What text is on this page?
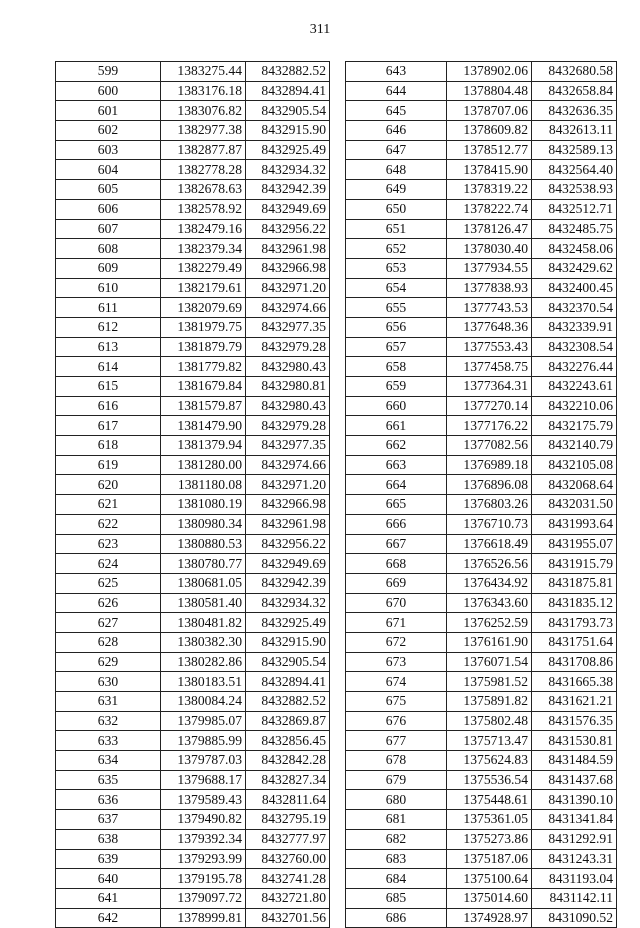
311
599	1383275.44	8432882.52
600	1383176.18	8432894.41
601	1383076.82	8432905.54
602	1382977.38	8432915.90
603	1382877.87	8432925.49
604	1382778.28	8432934.32
605	1382678.63	8432942.39
606	1382578.92	8432949.69
607	1382479.16	8432956.22
608	1382379.34	8432961.98
609	1382279.49	8432966.98
610	1382179.61	8432971.20
611	1382079.69	8432974.66
612	1381979.75	8432977.35
613	1381879.79	8432979.28
614	1381779.82	8432980.43
615	1381679.84	8432980.81
616	1381579.87	8432980.43
617	1381479.90	8432979.28
618	1381379.94	8432977.35
619	1381280.00	8432974.66
620	1381180.08	8432971.20
621	1381080.19	8432966.98
622	1380980.34	8432961.98
623	1380880.53	8432956.22
624	1380780.77	8432949.69
625	1380681.05	8432942.39
626	1380581.40	8432934.32
627	1380481.82	8432925.49
628	1380382.30	8432915.90
629	1380282.86	8432905.54
630	1380183.51	8432894.41
631	1380084.24	8432882.52
632	1379985.07	8432869.87
633	1379885.99	8432856.45
634	1379787.03	8432842.28
635	1379688.17	8432827.34
636	1379589.43	8432811.64
637	1379490.82	8432795.19
638	1379392.34	8432777.97
639	1379293.99	8432760.00
640	1379195.78	8432741.28
641	1379097.72	8432721.80
642	1378999.81	8432701.56
643	1378902.06	8432680.58
644	1378804.48	8432658.84
645	1378707.06	8432636.35
646	1378609.82	8432613.11
647	1378512.77	8432589.13
648	1378415.90	8432564.40
649	1378319.22	8432538.93
650	1378222.74	8432512.71
651	1378126.47	8432485.75
652	1378030.40	8432458.06
653	1377934.55	8432429.62
654	1377838.93	8432400.45
655	1377743.53	8432370.54
656	1377648.36	8432339.91
657	1377553.43	8432308.54
658	1377458.75	8432276.44
659	1377364.31	8432243.61
660	1377270.14	8432210.06
661	1377176.22	8432175.79
662	1377082.56	8432140.79
663	1376989.18	8432105.08
664	1376896.08	8432068.64
665	1376803.26	8432031.50
666	1376710.73	8431993.64
667	1376618.49	8431955.07
668	1376526.56	8431915.79
669	1376434.92	8431875.81
670	1376343.60	8431835.12
671	1376252.59	8431793.73
672	1376161.90	8431751.64
673	1376071.54	8431708.86
674	1375981.52	8431665.38
675	1375891.82	8431621.21
676	1375802.48	8431576.35
677	1375713.47	8431530.81
678	1375624.83	8431484.59
679	1375536.54	8431437.68
680	1375448.61	8431390.10
681	1375361.05	8431341.84
682	1375273.86	8431292.91
683	1375187.06	8431243.31
684	1375100.64	8431193.04
685	1375014.60	8431142.11
686	1374928.97	8431090.52
